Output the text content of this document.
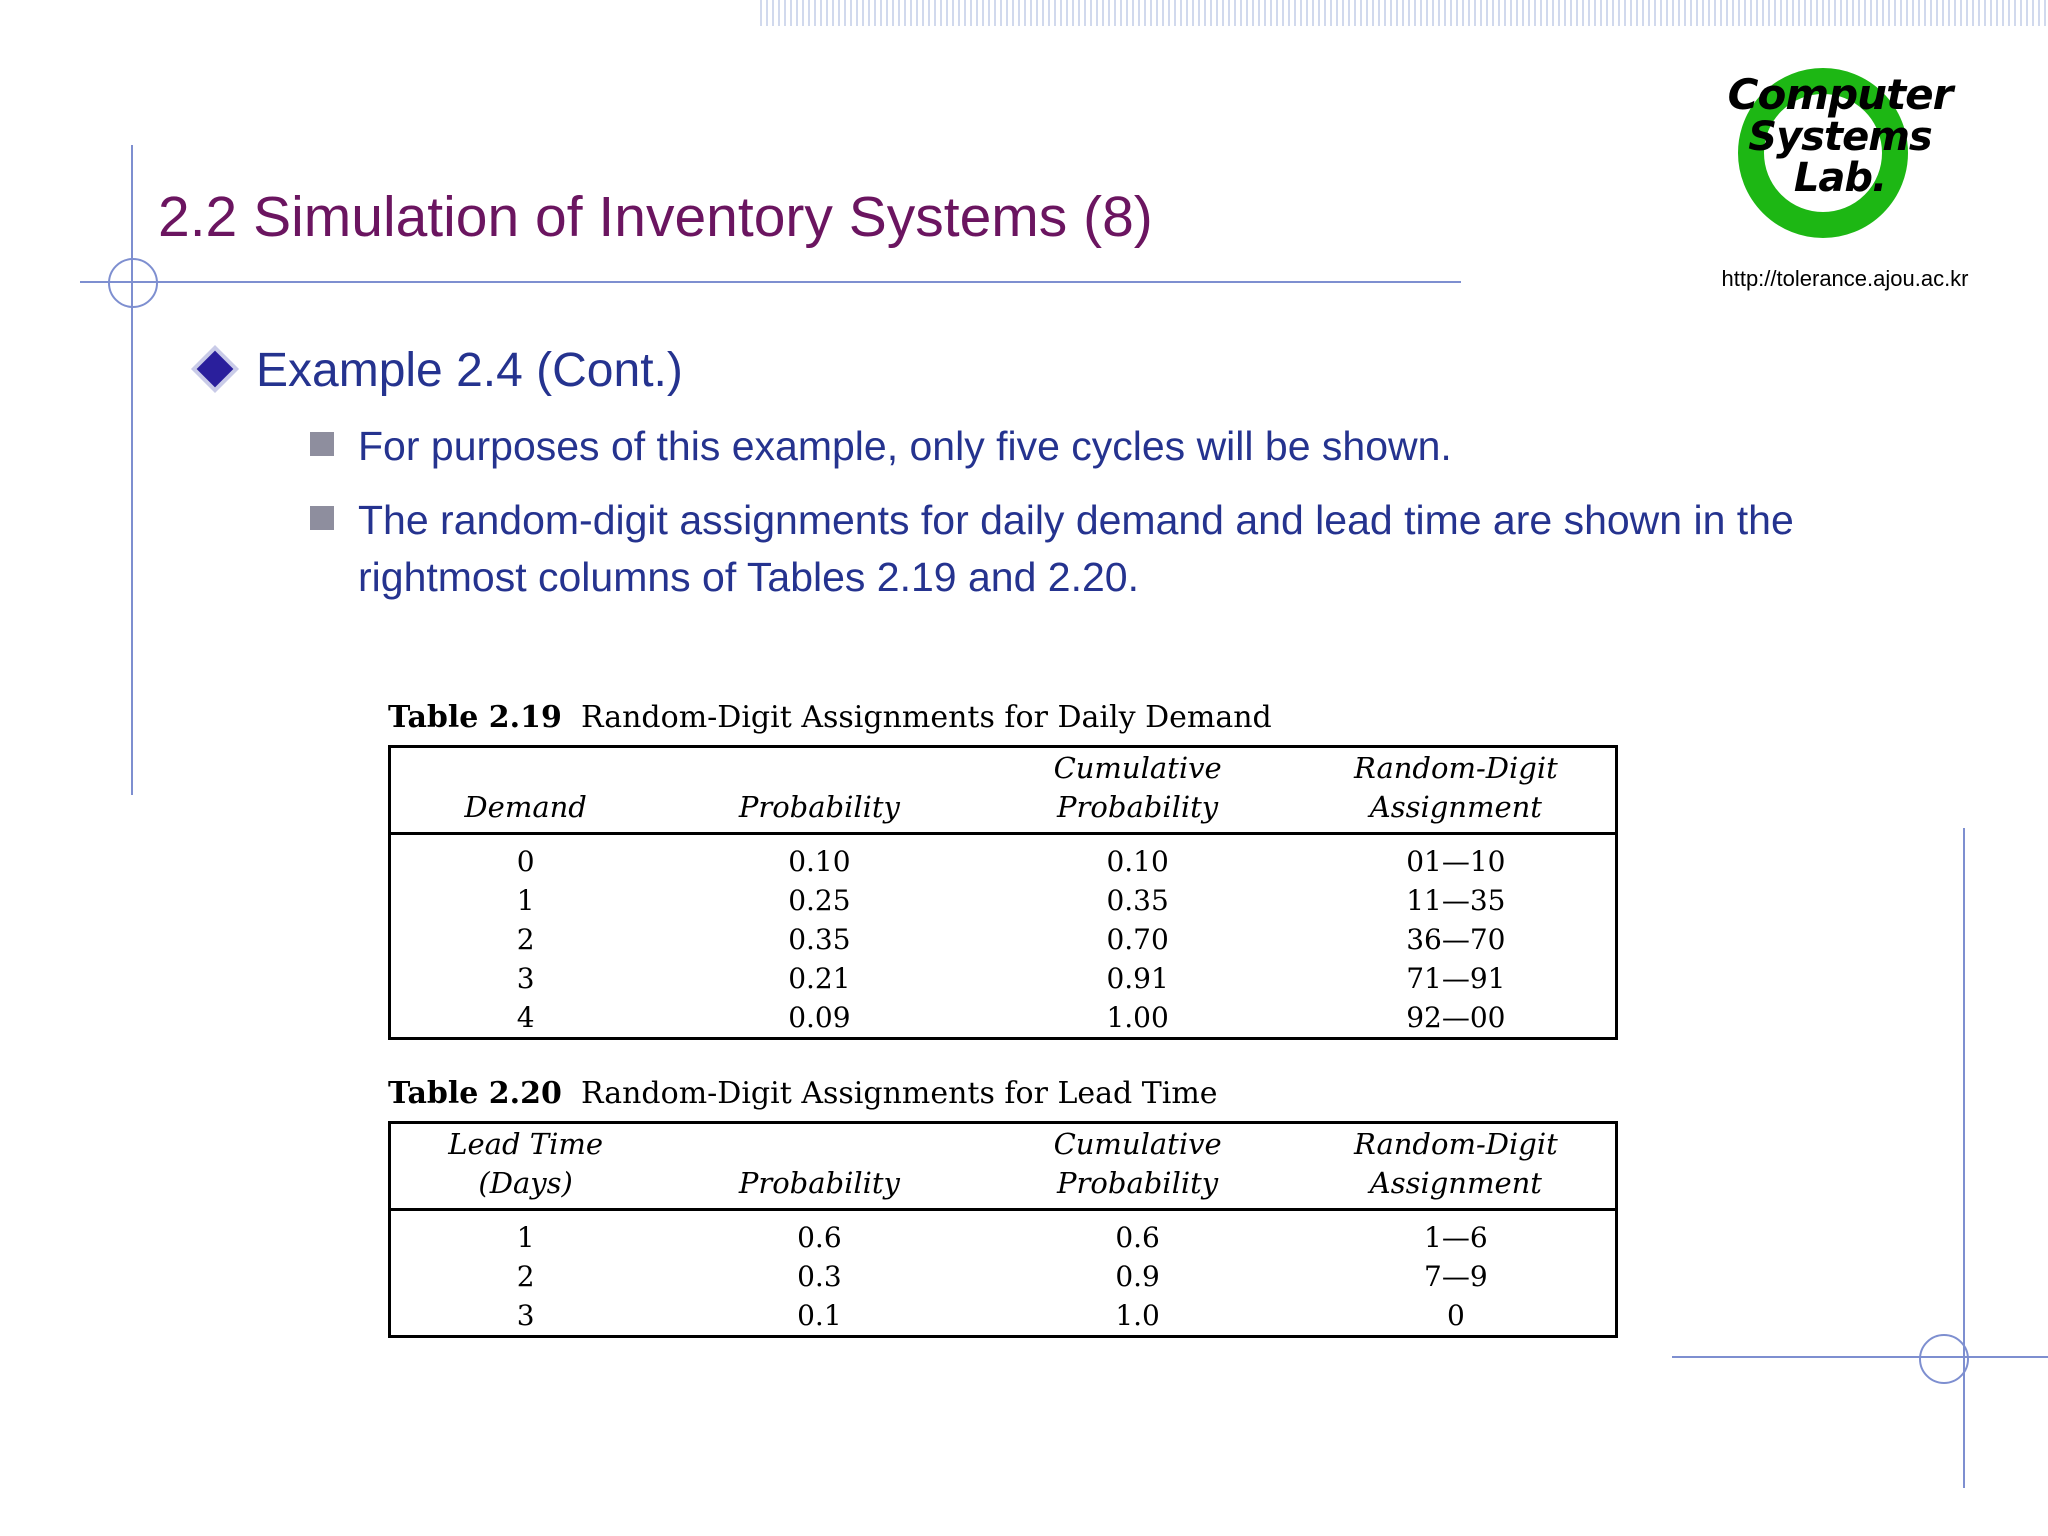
Computer
Systems
Lab.
http://tolerance.ajou.ac.kr
2.2 Simulation of Inventory Systems (8)
Example 2.4 (Cont.)
For purposes of this example, only five cycles will be shown.
The random-digit assignments for daily demand and lead time are shown in the rightmost columns of Tables 2.19 and 2.20.
Table 2.19 Random-Digit Assignments for Daily Demand
		Cumulative	Random-Digit
Demand	Probability	Probability	Assignment
0	0.10	0.10	01—10
1	0.25	0.35	11—35
2	0.35	0.70	36—70
3	0.21	0.91	71—91
4	0.09	1.00	92—00
Table 2.20 Random-Digit Assignments for Lead Time
Lead Time		Cumulative	Random-Digit
(Days)	Probability	Probability	Assignment
1	0.6	0.6	1—6
2	0.3	0.9	7—9
3	0.1	1.0	0
